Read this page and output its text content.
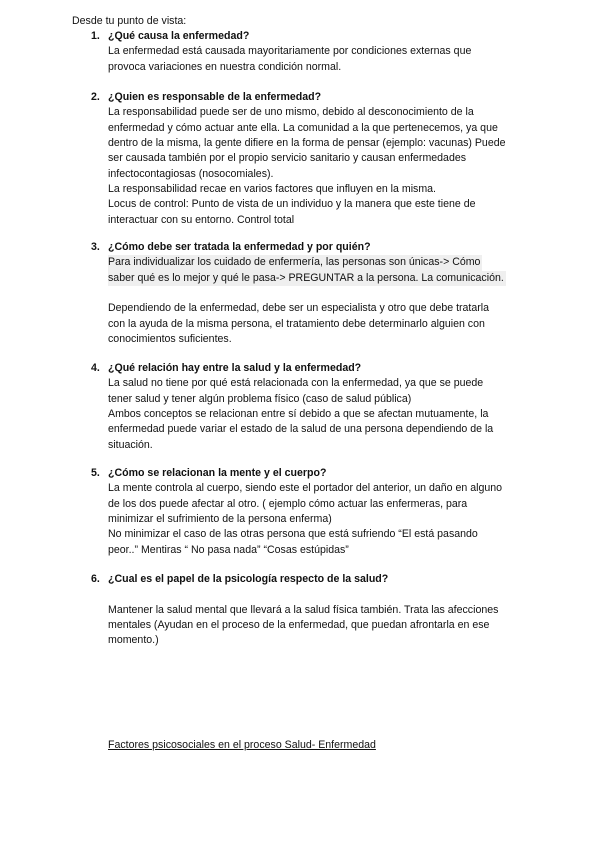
Desde tu punto de vista:
1. ¿Qué causa la enfermedad?
La enfermedad está causada mayoritariamente por condiciones externas que
provoca variaciones en nuestra condición normal.
2. ¿Quien es responsable de la enfermedad?
La responsabilidad puede ser de uno mismo, debido al desconocimiento de la
enfermedad y cómo actuar ante ella. La comunidad a la que pertenecemos, ya que
dentro de la misma, la gente difiere en la forma de pensar (ejemplo: vacunas) Puede
ser causada también por el propio servicio sanitario y causan enfermedades
infectocontagiosas (nosocomiales).
La responsabilidad recae en varios factores que influyen en la misma.
Locus de control: Punto de vista de un individuo y la manera que este tiene de
interactuar con su entorno. Control total
3. ¿Cómo debe ser tratada la enfermedad y por quién?
Para individualizar los cuidado de enfermería, las personas son únicas-> Cómo
saber qué es lo mejor y qué le pasa-> PREGUNTAR a la persona. La comunicación.
Dependiendo de la enfermedad, debe ser un especialista y otro que debe tratarla
con la ayuda de la misma persona, el tratamiento debe determinarlo alguien con
conocimientos suficientes.
4. ¿Qué relación hay entre la salud y la enfermedad?
La salud no tiene por qué está relacionada con la enfermedad, ya que se puede
tener salud y tener algún problema físico (caso de salud pública)
Ambos conceptos se relacionan entre sí debido a que se afectan mutuamente, la
enfermedad puede variar el estado de la salud de una persona dependiendo de la
situación.
5. ¿Cómo se relacionan la mente y el cuerpo?
La mente controla al cuerpo, siendo este el portador del anterior, un daño en alguno
de los dos puede afectar al otro. ( ejemplo cómo actuar las enfermeras, para
minimizar el sufrimiento de la persona enferma)
No minimizar el caso de las otras persona que está sufriendo “El está pasando
peor..” Mentiras “ No pasa nada” “Cosas estúpidas”
6. ¿Cual es el papel de la psicología respecto de la salud?
Mantener la salud mental que llevará a la salud física también. Trata las afecciones
mentales (Ayudan en el proceso de la enfermedad, que puedan afrontarla en ese
momento.)
Factores psicosociales en el proceso Salud- Enfermedad
